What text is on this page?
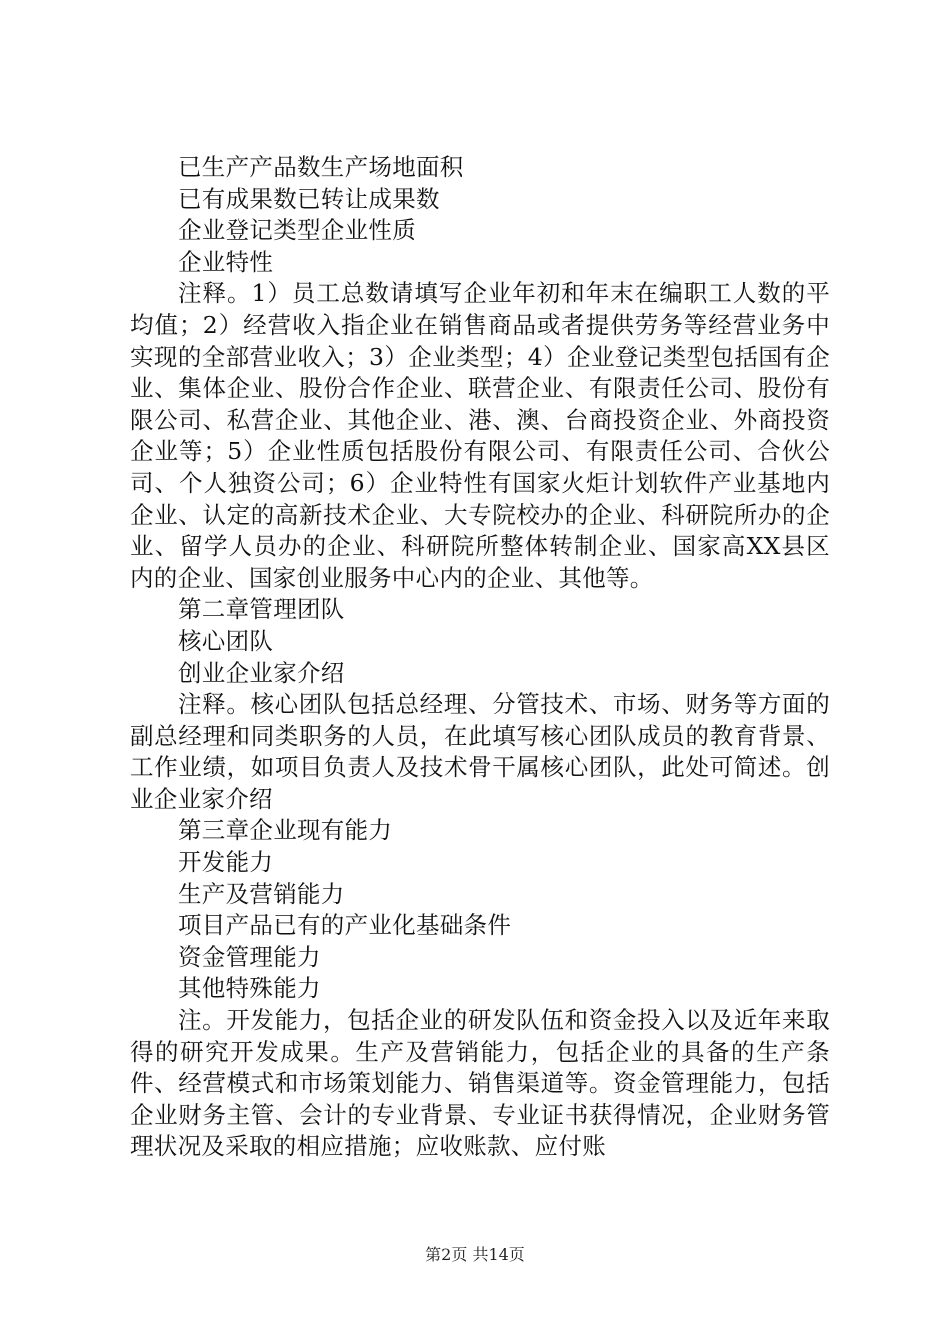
已生产产品数生产场地面积
已有成果数已转让成果数
企业登记类型企业性质
企业特性

注释。1）员工总数请填写企业年初和年末在编职工人数的平均值；2）经营收入指企业在销售商品或者提供劳务等经营业务中实现的全部营业收入；3）企业类型；4）企业登记类型包括国有企业、集体企业、股份合作企业、联营企业、有限责任公司、股份有限公司、私营企业、其他企业、港、澳、台商投资企业、外商投资企业等；5）企业性质包括股份有限公司、有限责任公司、合伙公司、个人独资公司；6）企业特性有国家火炬计划软件产业基地内企业、认定的高新技术企业、大专院校办的企业、科研院所办的企业、留学人员办的企业、科研院所整体转制企业、国家高XX县区内的企业、国家创业服务中心内的企业、其他等。

第二章管理团队
核心团队
创业企业家介绍

注释。核心团队包括总经理、分管技术、市场、财务等方面的副总经理和同类职务的人员，在此填写核心团队成员的教育背景、工作业绩，如项目负责人及技术骨干属核心团队，此处可简述。创业企业家介绍

第三章企业现有能力
开发能力
生产及营销能力
项目产品已有的产业化基础条件
资金管理能力
其他特殊能力

注。开发能力，包括企业的研发队伍和资金投入以及近年来取得的研究开发成果。生产及营销能力，包括企业的具备的生产条件、经营模式和市场策划能力、销售渠道等。资金管理能力，包括企业财务主管、会计的专业背景、专业证书获得情况，企业财务管理状况及采取的相应措施；应收账款、应付账

第2页 共14页
